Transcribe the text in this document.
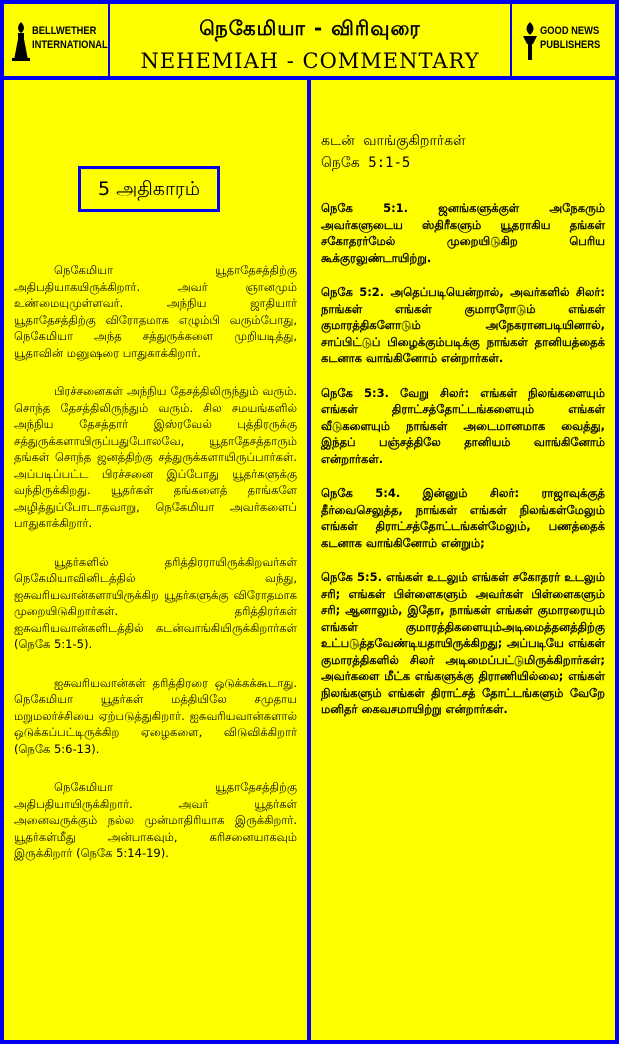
BELLWETHER
INTERNATIONAL
நெகேமியா - விரிவுரை
NEHEMIAH - COMMENTARY
GOOD NEWS
PUBLISHERS
5 அதிகாரம்

நெகேமியா யூதாதேசத்திற்கு அதிபதியாகயிருக்கிறார். அவர் ஞானமும் உண்மையுமுள்ளவர். அந்நிய ஜாதியார் யூதாதேசத்திற்கு விரோதமாக எழும்பி வரும்போது, நெகேமியா அந்த சத்துருக்களை முறியடித்து, யூதாவின் மனுஷரை பாதுகாக்கிறார்.

பிரச்சனைகள் அந்நிய தேசத்திலிருந்தும் வரும். சொந்த தேசத்திலிருந்தும் வரும். சில சமயங்களில் அந்நிய தேசத்தார் இஸ்ரவேல் புத்திரருக்கு சத்துருக்களாயிருப்பதுபோலவே, யூதாதேசத்தாரும் தங்கள் சொந்த ஜனத்திற்கு சத்துருக்களாயிருப்பார்கள். அப்படிப்பட்ட பிரச்சனை இப்போது யூதர்களுக்கு வந்திருக்கிறது. யூதர்கள் தங்களைத் தாங்களே அழித்துப்போடாதவாறு, நெகேமியா அவர்களைப் பாதுகாக்கிறார்.

யூதர்களில் தரித்திரராயிருக்கிறவர்கள் நெகேமியாவினிடத்தில் வந்து, ஐசுவரியவான்களாயிருக்கிற யூதர்களுக்கு விரோதமாக முறையிடுகிறார்கள். தரித்திரர்கள் ஐசுவரியவான்களிடத்தில் கடன்வாங்கியிருக்கிறார்கள் (நெகே 5:1-5).

ஐசுவரியவான்கள் தரித்திரரை ஒடுக்கக்கூடாது. நெகேமியா யூதர்கள் மத்தியிலே சமுதாய மறுமலர்ச்சியை ஏற்படுத்துகிறார். ஐசுவரியவான்களால் ஒடுக்கப்பட்டிருக்கிற ஏழைகளை, விடுவிக்கிறார் (நெகே 5:6-13).

நெகேமியா யூதாதேசத்திற்கு அதிபதியாயிருக்கிறார். அவர் யூதர்கள் அனைவருக்கும் நல்ல முன்மாதிரியாக இருக்கிறார். யூதர்கள்மீது அன்பாகவும், கரிசனையாகவும் இருக்கிறார் (நெகே 5:14-19).

கடன் வாங்குகிறார்கள்
நெகே 5:1-5

நெகே 5:1. ஜனங்களுக்குள் அநேகரும் அவர்களுடைய ஸ்திரீகளும் யூதராகிய தங்கள் சகோதரர்மேல் முறையிடுகிற பெரிய கூக்குரலுண்டாயிற்று.

நெகே 5:2. அதெப்படியென்றால், அவர்களில் சிலர்: நாங்கள் எங்கள் குமாரரோடும் எங்கள் குமாரத்திகளோடும் அநேகரானபடியினால், சாப்பிட்டுப் பிழைக்கும்படிக்கு நாங்கள் தானியத்தைக் கடனாக வாங்கினோம் என்றார்கள்.

நெகே 5:3. வேறு சிலர்: எங்கள் நிலங்களையும் எங்கள் திராட்சத்தோட்டங்களையும் எங்கள் வீடுகளையும் நாங்கள் அடைமானமாக வைத்து, இந்தப் பஞ்சத்திலே தானியம் வாங்கினோம் என்றார்கள்.

நெகே 5:4. இன்னும் சிலர்: ராஜாவுக்குத் தீர்வைசெலுத்த, நாங்கள் எங்கள் நிலங்கள்மேலும் எங்கள் திராட்சத்தோட்டங்கள்மேலும், பணத்தைக் கடனாக வாங்கினோம் என்றும்;

நெகே 5:5. எங்கள் உடலும் எங்கள் சகோதரர் உடலும் சரி; எங்கள் பிள்ளைகளும் அவர்கள் பிள்ளைகளும் சரி; ஆனாலும், இதோ, நாங்கள் எங்கள் குமாரரையும் எங்கள் குமாரத்திகளையும்அடிமைத்தனத்திற்கு உட்படுத்தவேண்டியதாயிருக்கிறது; அப்படியே எங்கள் குமாரத்திகளில் சிலர் அடிமைப்பட்டுமிருக்கிறார்கள்; அவர்களை மீட்க எங்களுக்கு திராணியில்லை; எங்கள் நிலங்களும் எங்கள் திராட்சத் தோட்டங்களும் வேறே மனிதர் கைவசமாயிற்று என்றார்கள்.
